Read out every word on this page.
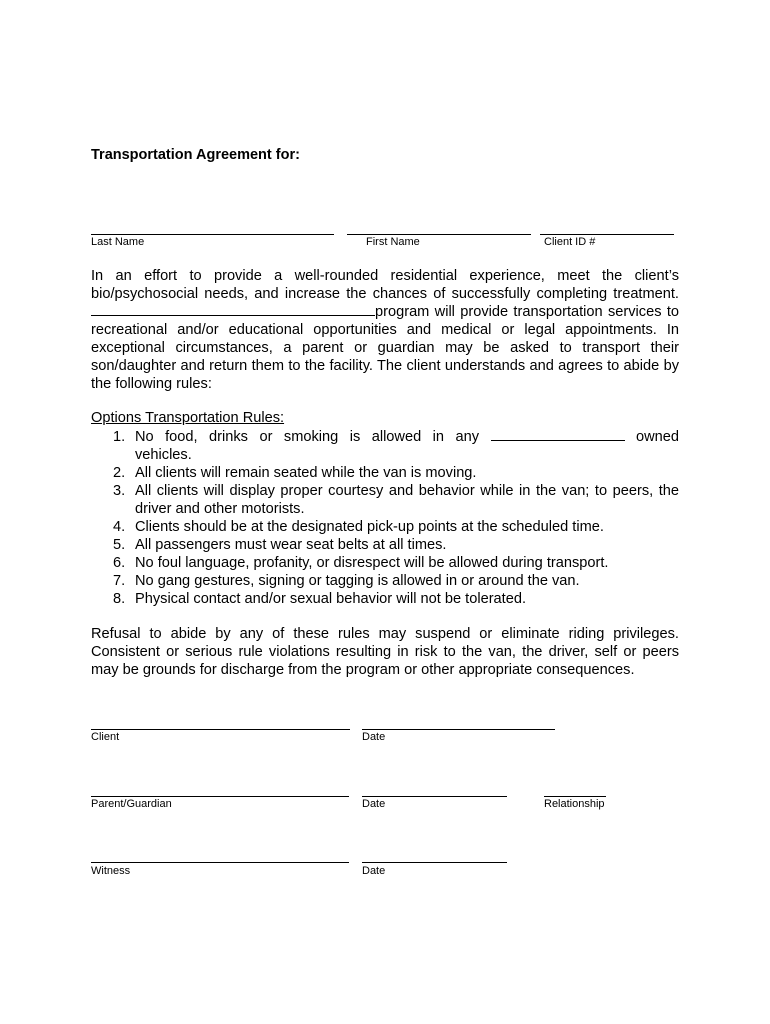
Transportation Agreement for:
Last Name	First Name	Client ID #
In an effort to provide a well-rounded residential experience, meet the client’s bio/psychosocial needs, and increase the chances of successfully completing treatment. program will provide transportation services to recreational and/or educational opportunities and medical or legal appointments. In exceptional circumstances, a parent or guardian may be asked to transport their son/daughter and return them to the facility. The client understands and agrees to abide by the following rules:
Options Transportation Rules:
1. No food, drinks or smoking is allowed in any	owned
vehicles.
2. All clients will remain seated while the van is moving.
3. All clients will display proper courtesy and behavior while in the van; to peers, the driver and other motorists.
4. Clients should be at the designated pick-up points at the scheduled time.
5. All passengers must wear seat belts at all times.
6. No foul language, profanity, or disrespect will be allowed during transport.
7. No gang gestures, signing or tagging is allowed in or around the van.
8. Physical contact and/or sexual behavior will not be tolerated.
Refusal to abide by any of these rules may suspend or eliminate riding privileges. Consistent or serious rule violations resulting in risk to the van, the driver, self or peers may be grounds for discharge from the program or other appropriate consequences.
Client	Date
Parent/Guardian	Date	Relationship
Witness	Date
